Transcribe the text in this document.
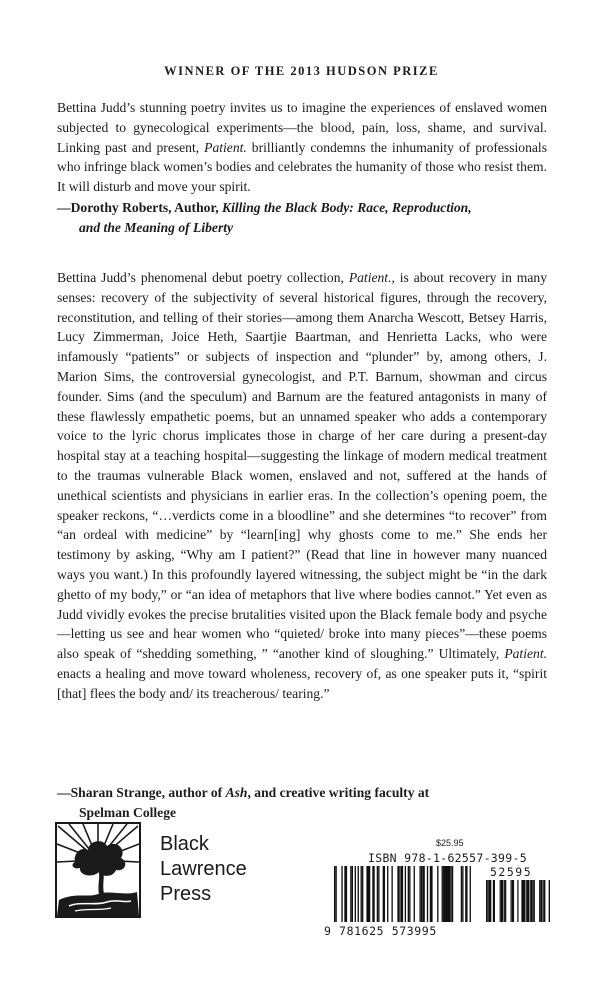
WINNER OF THE 2013 HUDSON PRIZE

Bettina Judd’s stunning poetry invites us to imagine the experiences of enslaved women subjected to gynecological experiments—the blood, pain, loss, shame, and survival. Linking past and present, Patient. brilliantly condemns the inhumanity of professionals who infringe black women’s bodies and celebrates the humanity of those who resist them. It will disturb and move your spirit.

—Dorothy Roberts, Author, Killing the Black Body: Race, Reproduction,
and the Meaning of Liberty

Bettina Judd’s phenomenal debut poetry collection, Patient., is about recovery in many senses: recovery of the subjectivity of several historical figures, through the recovery, reconstitution, and telling of their stories—among them Anarcha Wescott, Betsey Harris, Lucy Zimmerman, Joice Heth, Saartjie Baartman, and Henrietta Lacks, who were infamously “patients” or subjects of inspection and “plunder” by, among others, J. Marion Sims, the controversial gynecologist, and P.T. Barnum, showman and circus founder. Sims (and the speculum) and Barnum are the featured antagonists in many of these flawlessly empathetic poems, but an unnamed speaker who adds a contemporary voice to the lyric chorus implicates those in charge of her care during a present-day hospital stay at a teaching hospital—suggesting the linkage of modern medical treatment to the traumas vulnerable Black women, enslaved and not, suffered at the hands of unethical scientists and physicians in earlier eras. In the collection’s opening poem, the speaker reckons, “…verdicts come in a bloodline” and she determines “to recover” from “an ordeal with medicine” by “learn[ing] why ghosts come to me.” She ends her testimony by asking, “Why am I patient?” (Read that line in however many nuanced ways you want.) In this profoundly layered witnessing, the subject might be “in the dark ghetto of my body,” or “an idea of metaphors that live where bodies cannot.” Yet even as Judd vividly evokes the precise brutalities visited upon the Black female body and psyche—letting us see and hear women who “quieted/ broke into many pieces”—these poems also speak of “shedding something, ” “another kind of sloughing.” Ultimately, Patient. enacts a healing and move toward wholeness, recovery of, as one speaker puts it, “spirit [that] flees the body and/ its treacherous/ tearing.”

—Sharan Strange, author of Ash, and creative writing faculty at
Spelman College
Black
Lawrence
Press
$25.95
ISBN 978-1-62557-399-5
52595
9 781625 573995
